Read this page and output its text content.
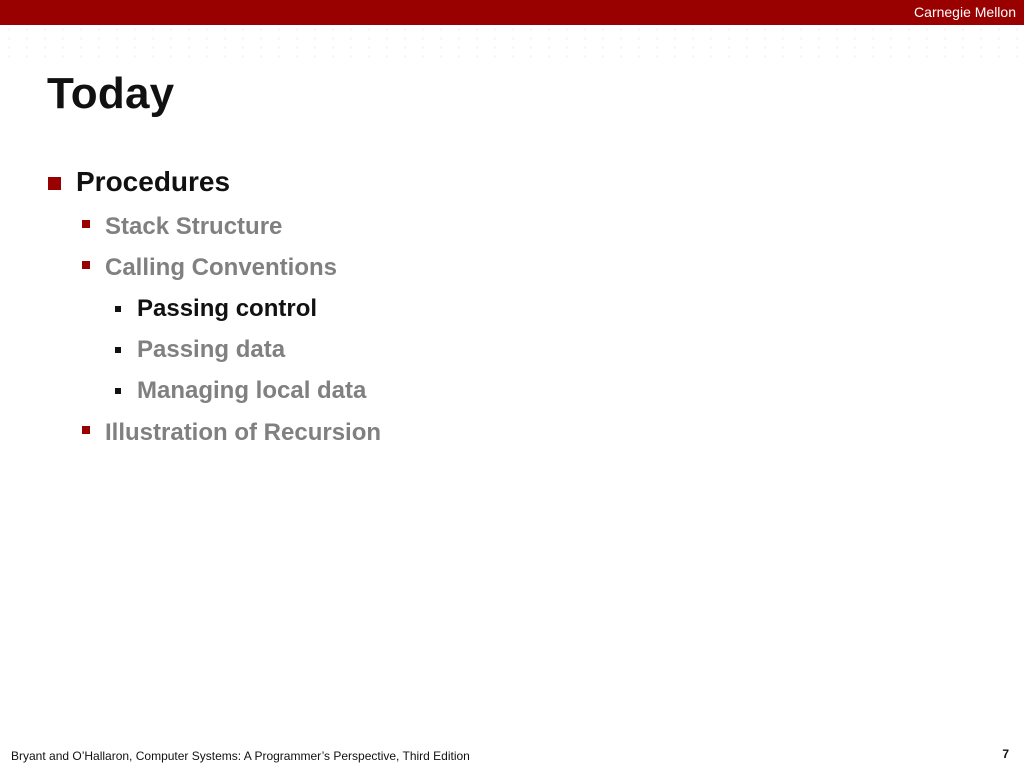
Carnegie Mellon
Today
Procedures
Stack Structure
Calling Conventions
Passing control
Passing data
Managing local data
Illustration of Recursion
Bryant and O’Hallaron, Computer Systems: A Programmer’s Perspective, Third Edition	7
